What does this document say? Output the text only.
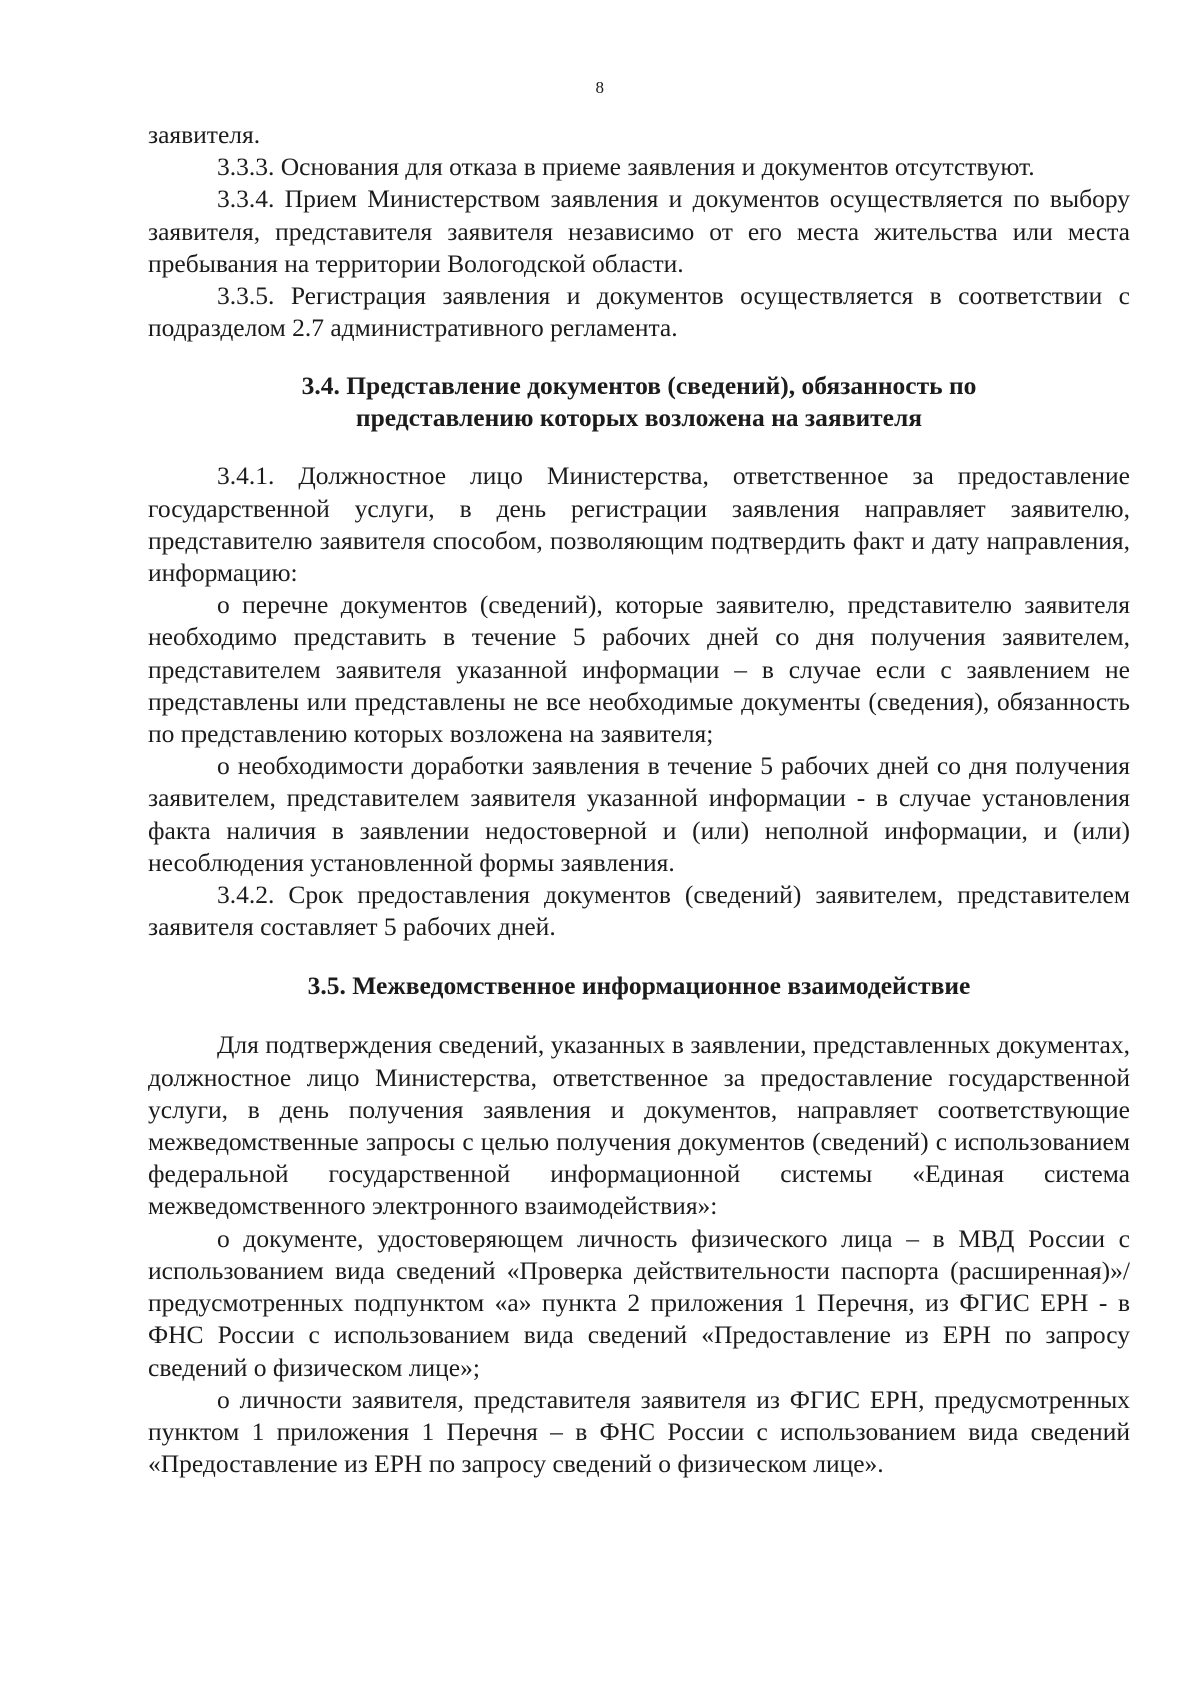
8

заявителя.

3.3.3. Основания для отказа в приеме заявления и документов отсутствуют.

3.3.4. Прием Министерством заявления и документов осуществляется по выбору заявителя, представителя заявителя независимо от его места жительства или места пребывания на территории Вологодской области.

3.3.5. Регистрация заявления и документов осуществляется в соответствии с подразделом 2.7 административного регламента.

3.4. Представление документов (сведений), обязанность по
представлению которых возложена на заявителя

3.4.1. Должностное лицо Министерства, ответственное за предоставление государственной услуги, в день регистрации заявления направляет заявителю, представителю заявителя способом, позволяющим подтвердить факт и дату направления, информацию:

о перечне документов (сведений), которые заявителю, представителю заявителя необходимо представить в течение 5 рабочих дней со дня получения заявителем, представителем заявителя указанной информации – в случае если с заявлением не представлены или представлены не все необходимые документы (сведения), обязанность по представлению которых возложена на заявителя;

о необходимости доработки заявления в течение 5 рабочих дней со дня получения заявителем, представителем заявителя указанной информации - в случае установления факта наличия в заявлении недостоверной и (или) неполной информации, и (или) несоблюдения установленной формы заявления.

3.4.2. Срок предоставления документов (сведений) заявителем, представителем заявителя составляет 5 рабочих дней.

3.5. Межведомственное информационное взаимодействие

Для подтверждения сведений, указанных в заявлении, представленных документах, должностное лицо Министерства, ответственное за предоставление государственной услуги, в день получения заявления и документов, направляет соответствующие межведомственные запросы с целью получения документов (сведений) с использованием федеральной государственной информационной системы «Единая система межведомственного электронного взаимодействия»:

о документе, удостоверяющем личность физического лица – в МВД России с использованием вида сведений «Проверка действительности паспорта (расширенная)»/предусмотренных подпунктом «а» пункта 2 приложения 1 Перечня, из ФГИС ЕРН - в ФНС России с использованием вида сведений «Предоставление из ЕРН по запросу сведений о физическом лице»;

о личности заявителя, представителя заявителя из ФГИС ЕРН, предусмотренных пунктом 1 приложения 1 Перечня – в ФНС России с использованием вида сведений «Предоставление из ЕРН по запросу сведений о физическом лице».
